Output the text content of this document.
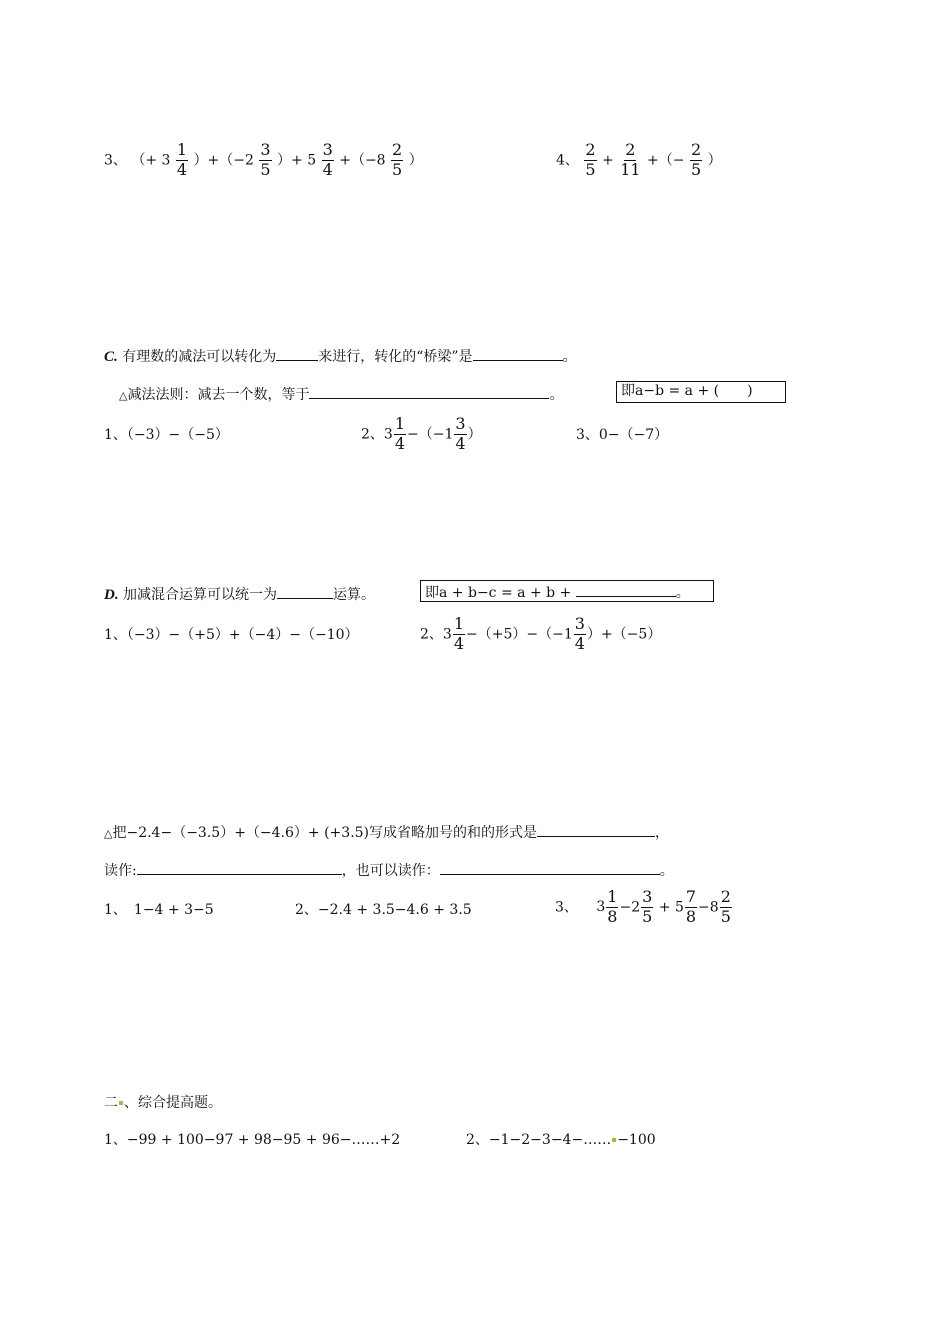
3、 （+ $3 \frac{1}{4} )+(-2 \frac{3}{5}$ ）+ $5 \frac{3}{4} +(-8 \frac{2}{5}$ ）	4、 $\frac{2}{5} + \frac{2}{11}$ +（− $\frac{2}{5}$ ）
C. 有理数的减法可以转化为	来进行，转化的“桥梁”是	。
△减法法则：减去一个数，等于	。	即a−b = a + (　　)
1、（−3）−（−5）	2、$3 \frac{1}{4} -(-1 \frac{3}{4}$ ）	3、0−（−7）
D. 加减混合运算可以统一为	运算。	即a + b−c = a + b +	。
1、（−3）−（+5）+（−4）−（−10）	2、$3 \frac{1}{4} -(+5)-(-1 \frac{3}{4} )+(-5)$
△把−2.4−（−3.5）+（−4.6）+ (+3.5)写成省略加号的和的形式是	，
读作:	，也可以读作：	。
1、　1−4 + 3−5	2、−2.4 + 3.5−4.6 + 3.5	3、 $3 \frac{1}{8} -2 \frac{3}{5} + 5 \frac{7}{8} -8 \frac{2}{5}$
二 、综合提高题。
1、−99 + 100−97 + 98−95 + 96−……+2	2、−1−2−3−4−…… −100
